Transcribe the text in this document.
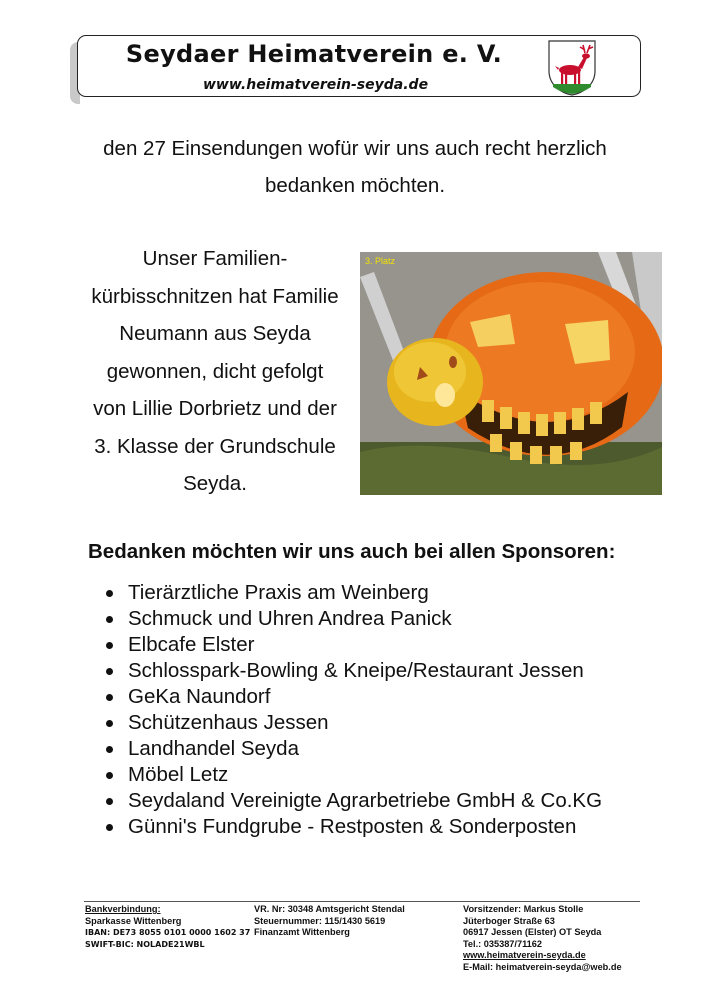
Seydaer Heimatverein e. V.
www.heimatverein-seyda.de
den 27 Einsendungen wofür wir uns auch recht herzlich
bedanken möchten.
Unser Familien-
kürbisschnitzen hat Familie
Neumann aus Seyda
gewonnen, dicht gefolgt
von Lillie Dorbrietz und der
3. Klasse der Grundschule
Seyda.
3. Platz
Bedanken möchten wir uns auch bei allen Sponsoren:
Tierärztliche Praxis am Weinberg
Schmuck und Uhren Andrea Panick
Elbcafe Elster
Schlosspark-Bowling & Kneipe/Restaurant Jessen
GeKa Naundorf
Schützenhaus Jessen
Landhandel Seyda
Möbel Letz
Seydaland Vereinigte Agrarbetriebe GmbH & Co.KG
Günni's Fundgrube - Restposten & Sonderposten
Bankverbindung:
Sparkasse Wittenberg
IBAN: DE73 8055 0101 0000 1602 37
SWIFT-BIC: NOLADE21WBL
VR. Nr: 30348 Amtsgericht Stendal
Steuernummer: 115/1430 5619
Finanzamt Wittenberg
Vorsitzender: Markus Stolle
Jüterboger Straße 63
06917 Jessen (Elster) OT Seyda
Tel.: 035387/71162
www.heimatverein-seyda.de
E-Mail: heimatverein-seyda@web.de
